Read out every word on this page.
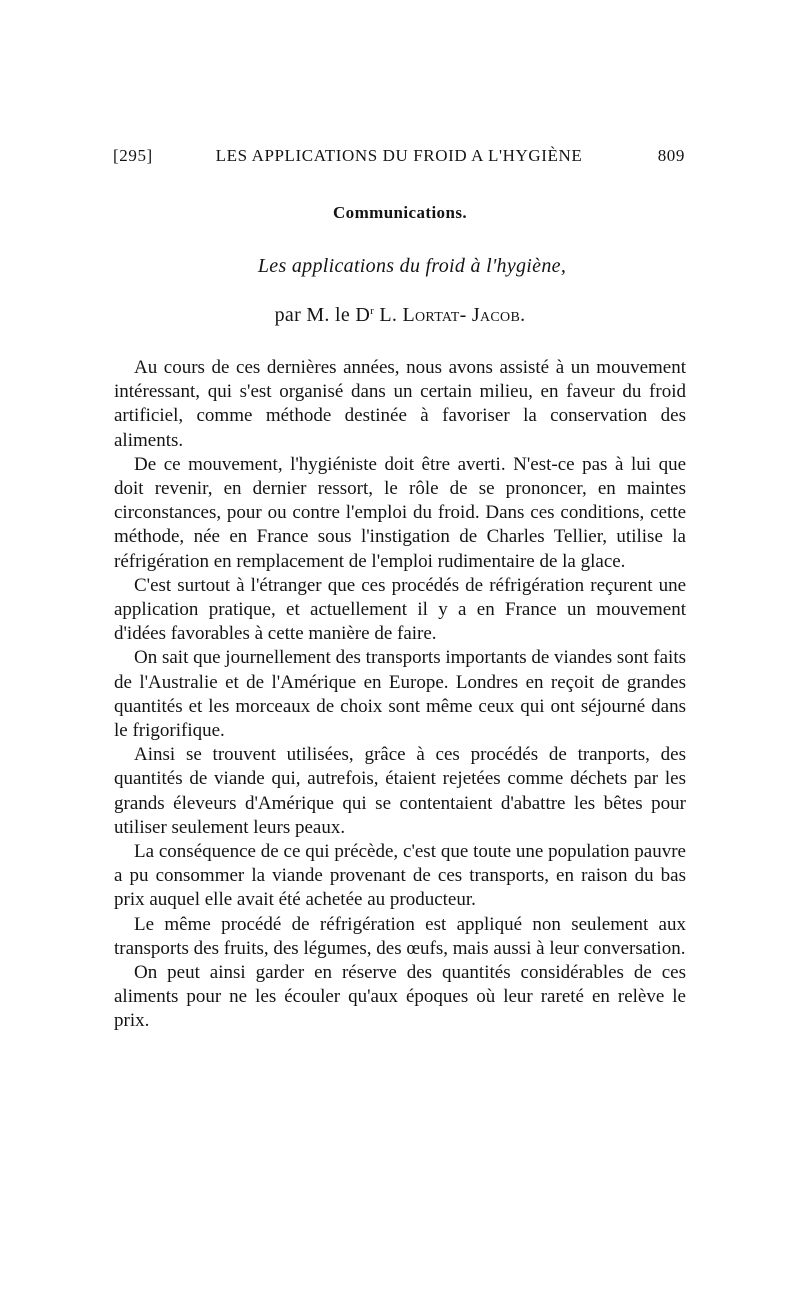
[295]	LES APPLICATIONS DU FROID A L'HYGIÈNE	809
Communications.
Les applications du froid à l'hygiène,
par M. le $D^r$ L. Lortat- Jacob.

Au cours de ces dernières années, nous avons assisté à un mouvement intéressant, qui s'est organisé dans un certain milieu, en faveur du froid artificiel, comme méthode destinée à favoriser la conservation des aliments.

De ce mouvement, l'hygiéniste doit être averti. N'est-ce pas à lui que doit revenir, en dernier ressort, le rôle de se prononcer, en maintes circonstances, pour ou contre l'emploi du froid. Dans ces conditions, cette méthode, née en France sous l'instigation de Charles Tellier, utilise la réfrigération en remplacement de l'emploi rudimentaire de la glace.

C'est surtout à l'étranger que ces procédés de réfrigération reçurent une application pratique, et actuellement il y a en France un mouvement d'idées favorables à cette manière de faire.

On sait que journellement des transports importants de viandes sont faits de l'Australie et de l'Amérique en Europe. Londres en reçoit de grandes quantités et les morceaux de choix sont même ceux qui ont séjourné dans le frigorifique.

Ainsi se trouvent utilisées, grâce à ces procédés de tranports, des quantités de viande qui, autrefois, étaient rejetées comme déchets par les grands éleveurs d'Amérique qui se contentaient d'abattre les bêtes pour utiliser seulement leurs peaux.

La conséquence de ce qui précède, c'est que toute une population pauvre a pu consommer la viande provenant de ces transports, en raison du bas prix auquel elle avait été achetée au producteur.

Le même procédé de réfrigération est appliqué non seulement aux transports des fruits, des légumes, des œufs, mais aussi à leur conversation.

On peut ainsi garder en réserve des quantités considérables de ces aliments pour ne les écouler qu'aux époques où leur rareté en relève le prix.
